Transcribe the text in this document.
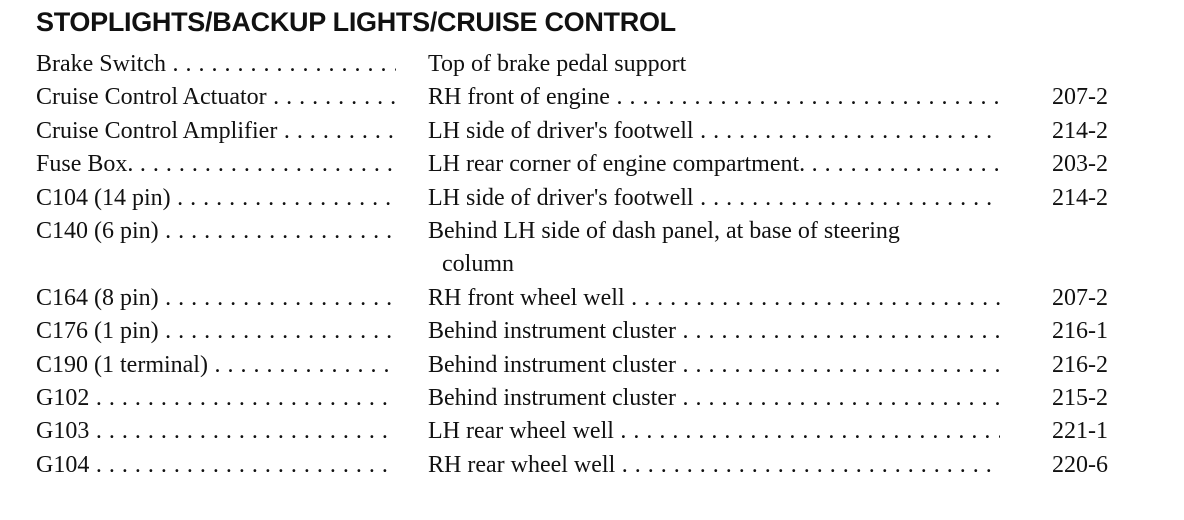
STOPLIGHTS/BACKUP LIGHTS/CRUISE CONTROL
Brake Switch . . .	Top of brake pedal support
Cruise Control Actuator . . .	RH front of engine . . .	207-2
Cruise Control Amplifier . . .	LH side of driver's footwell . . .	214-2
Fuse Box. . . .	LH rear corner of engine compartment. . . .	203-2
C104 (14 pin) . . .	LH side of driver's footwell . . .	214-2
C140 (6 pin) . . .	Behind LH side of dash panel, at base of steering
column
C164 (8 pin) . . .	RH front wheel well . . .	207-2
C176 (1 pin) . . .	Behind instrument cluster . . .	216-1
C190 (1 terminal) . . .	Behind instrument cluster . . .	216-2
G102 . . .	Behind instrument cluster . . .	215-2
G103 . . .	LH rear wheel well . . .	221-1
G104 . . .	RH rear wheel well . . .	220-6
